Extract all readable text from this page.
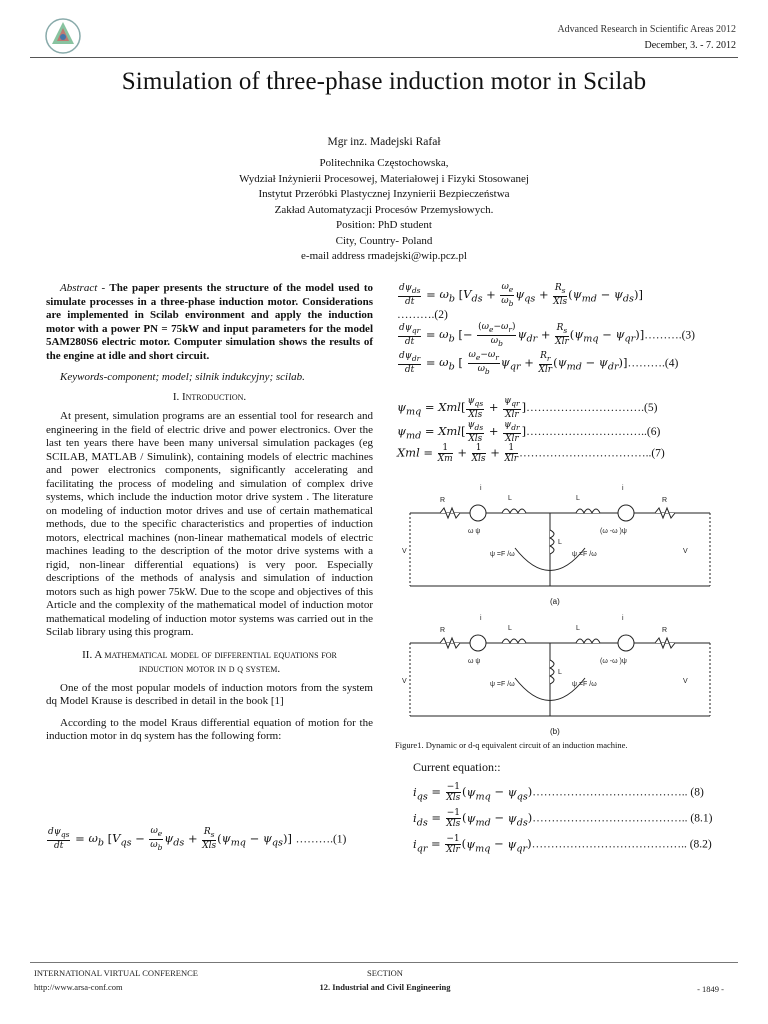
Advanced Research in Scientific Areas 2012
December, 3. - 7. 2012
Simulation of three-phase induction motor in Scilab
Mgr inz. Madejski Rafał
Politechnika Częstochowska,
Wydział Inżynierii Procesowej, Materiałowej i Fizyki Stosowanej
Instytut Przeróbki Plastycznej Inzynierii Bezpieczeństwa
Zakład Automatyzacji Procesów Przemysłowych.
Position: PhD student
City, Country- Poland
e-mail address rmadejski@wip.pcz.pl

Abstract - The paper presents the structure of the model used to simulate processes in a three-phase induction motor. Considerations are implemented in Scilab environment and apply the induction motor with a power PN = 75kW and input parameters for the model 5AM280S6 electric motor. Computer simulation shows the results of the engine at idle and short circuit.

Keywords-component; model; silnik indukcyjny; scilab.

I. Introduction.

At present, simulation programs are an essential tool for research and engineering in the field of electric drive and power electronics. Over the last ten years there have been many universal simulation packages (eg SCILAB, MATLAB / Simulink), containing models of electric machines and power electronics components, significantly accelerating and facilitating the process of modeling and simulation of complex drive systems, which include the induction motor drive system . The literature on modeling of induction motor drives and use of certain mathematical methods, due to the specific characteristics and properties of induction motors, electrical machines (non-linear mathematical models of electric machines leading to the description of the motor drive systems with a rigid, non-linear differential equations) is very poor. Especially descriptions of the methods of analysis and simulation of induction motors such as high power 75kW. Due to the scope and objectives of this Article and the complexity of the mathematical model of induction motor mathematical modeling of induction motor systems was carried out in the Scilab library using this program.

II. A mathematical model of differential equations for induction motor in d q system.

One of the most popular models of induction motors from the system dq Model Krause is described in detail in the book [1]

According to the model Kraus differential equation of motion for the induction motor in dq system has the following form:

$\frac{d\psi_{qs}}{dt} = \omega_b$ $[V_{qs} - \frac{\omega_e}{\omega_b} \psi_{ds} + \frac{R_s}{\text{Xls}} (\psi_{mq} - \psi_{qs})]$ ……….(1)
$\frac{d\psi_{ds}}{dt} = \omega_b$ $[V_{ds} + \frac{\omega_e}{\omega_b} \psi_{qs} + \frac{R_s}{\text{Xls}} (\psi_{md} - \psi_{ds})]$
……….(2)
$\frac{d\psi_{qr}}{dt} = \omega_b$ [− $\frac{(\omega_e-\omega_r)}{\omega_b} \psi_{dr} + \frac{R_s}{\text{Xlr}} (\psi_{mq}$ − $\psi_{qr})]\dots\dots\dots.(3)$
$\frac{d\psi_{dr}}{dt} = \omega_b$ [ $\frac{\omega_e-\omega_r}{\omega_b} \psi_{qr} + \frac{R_r}{\text{Xlr}} (\psi_{md}$ − $\psi_{dr})]\dots\dots\dots.(4)$
$\psi_{mq} = Xml[ \frac{\psi_{qs}}{\text{Xls}} + \frac{\psi_{qr}}{\text{Xlr}}$ ]………………………….(5)
$\psi_{md} = Xml[ \frac{\psi_{ds}}{\text{Xls}} + \frac{\psi_{dr}}{\text{Xlr}}$ ]…………………………..(6)
Xml = $\frac{1}{Xm} + \frac{1}{\text{Xls}} + \frac{1}{\text{Xlr}}$ ……………………………..(7)
R
i
L	L
i
R
ω ψ	(ω -ω )ψ
ψ =F /ω	ψ =F /ω
L
V	V
(a)
R
i
L	L
i
R
ω ψ	(ω -ω )ψ
ψ =F /ω	ψ =F /ω
L
V	V
(b)
Figure1. Dynamic or d-q equivalent circuit of an induction machine.
Current equation::
$i_{qs} = \frac{-1}{\text{Xls}} (\psi_{mq}$ − $\psi_{qs})\dots\dots\dots\dots\dots\dots\dots\dots\dots\dots\dots\dots\dots$.. (8)
$i_{ds} = \frac{-1}{\text{Xls}} (\psi_{md}$ − $\psi_{ds})\dots\dots\dots\dots\dots\dots\dots\dots\dots\dots\dots\dots\dots$.. (8.1)
$i_{qr} = \frac{-1}{\text{Xlr}} (\psi_{mq}$ − $\psi_{qr})\dots\dots\dots\dots\dots\dots\dots\dots\dots\dots\dots\dots\dots$.. (8.2)
INTERNATIONAL VIRTUAL CONFERENCE
http://www.arsa-conf.com
SECTION
12. Industrial and Civil Engineering	- 1849 -
